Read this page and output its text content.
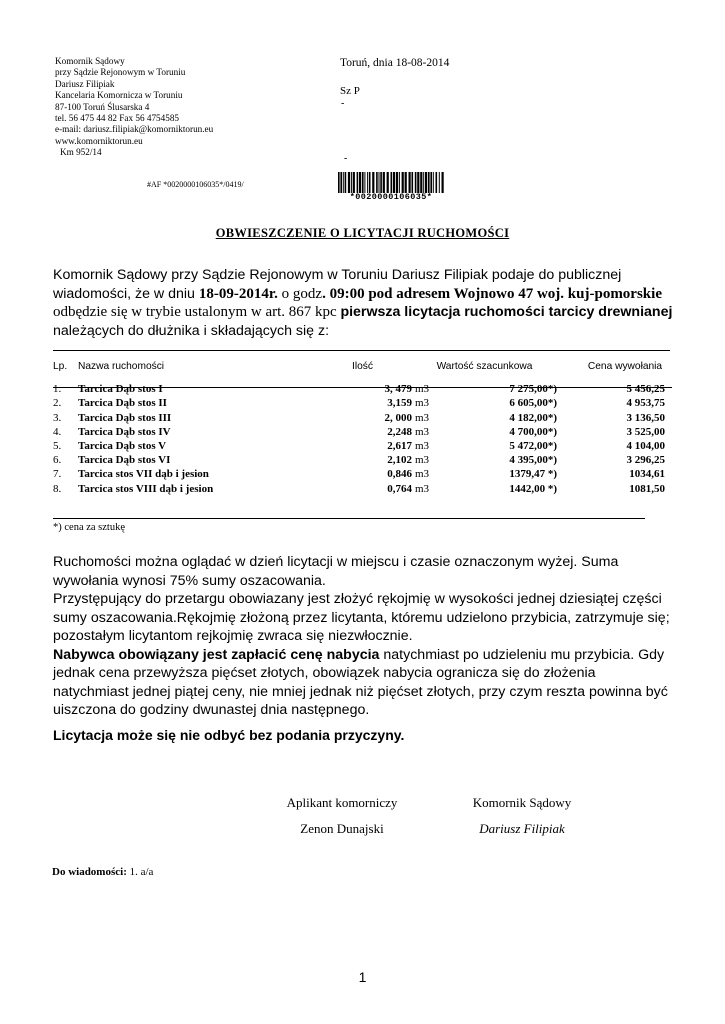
Komornik Sądowy
przy Sądzie Rejonowym w Toruniu
Dariusz Filipiak
Kancelaria Komornicza w Toruniu
87-100 Toruń Ślusarska 4
tel. 56 475 44 82 Fax 56 4754585
e-mail: dariusz.filipiak@komorniktorun.eu
www.komorniktorun.eu
Km 952/14
Toruń, dnia 18-08-2014
Sz P
-
-
#AF *0020000106035*/0419/
*0020000106035*
OBWIESZCZENIE O LICYTACJI RUCHOMOŚCI
Komornik Sądowy przy Sądzie Rejonowym w Toruniu Dariusz Filipiak podaje do publicznej wiadomości, że w dniu 18-09-2014r. o godz. 09:00 pod adresem Wojnowo 47 woj. kuj-pomorskie odbędzie się w trybie ustalonym w art. 867 kpc pierwsza licytacja ruchomości tarcicy drewnianej należących do dłużnika i składających się z:
Lp.	Nazwa ruchomości	Ilość	Wartość szacunkowa		Cena wywołania

1.	Tarcica Dąb stos I	3, 479	m3	7 275,00*)	5 456,25
2.	Tarcica Dąb stos II	3,159	m3	6 605,00*)	4 953,75
3.	Tarcica Dąb stos III	2, 000	m3	4 182,00*)	3 136,50
4.	Tarcica Dąb stos IV	2,248	m3	4 700,00*)	3 525,00
5.	Tarcica Dąb stos V	2,617	m3	5 472,00*)	4 104,00
6.	Tarcica Dąb stos VI	2,102	m3	4 395,00*)	3 296,25
7.	Tarcica stos VII dąb i jesion	0,846	m3	1379,47 *)	1034,61
8.	Tarcica stos VIII dąb i jesion	0,764	m3	1442,00 *)	1081,50
*) cena za sztukę

Ruchomości można oglądać w dzień licytacji w miejscu i czasie oznaczonym wyżej. Suma wywołania wynosi 75% sumy oszacowania.

Przystępujący do przetargu obowiazany jest złożyć rękojmię w wysokości jednej dziesiątej części sumy oszacowania.Rękojmię złożoną przez licytanta, któremu udzielono przybicia, zatrzymuje się; pozostałym licytantom rejkojmię zwraca się niezwłocznie.

Nabywca obowiązany jest zapłacić cenę nabycia natychmiast po udzieleniu mu przybicia. Gdy jednak cena przewyższa pięćset złotych, obowiązek nabycia ogranicza się do złożenia natychmiast jednej piątej ceny, nie mniej jednak niż pięćset złotych, przy czym reszta powinna być uiszczona do godziny dwunastej dnia następnego.

Licytacja może się nie odbyć bez podania przyczyny.
Aplikant komorniczy
Zenon Dunajski
Komornik Sądowy
Dariusz Filipiak
Do wiadomości: 1. a/a
1
